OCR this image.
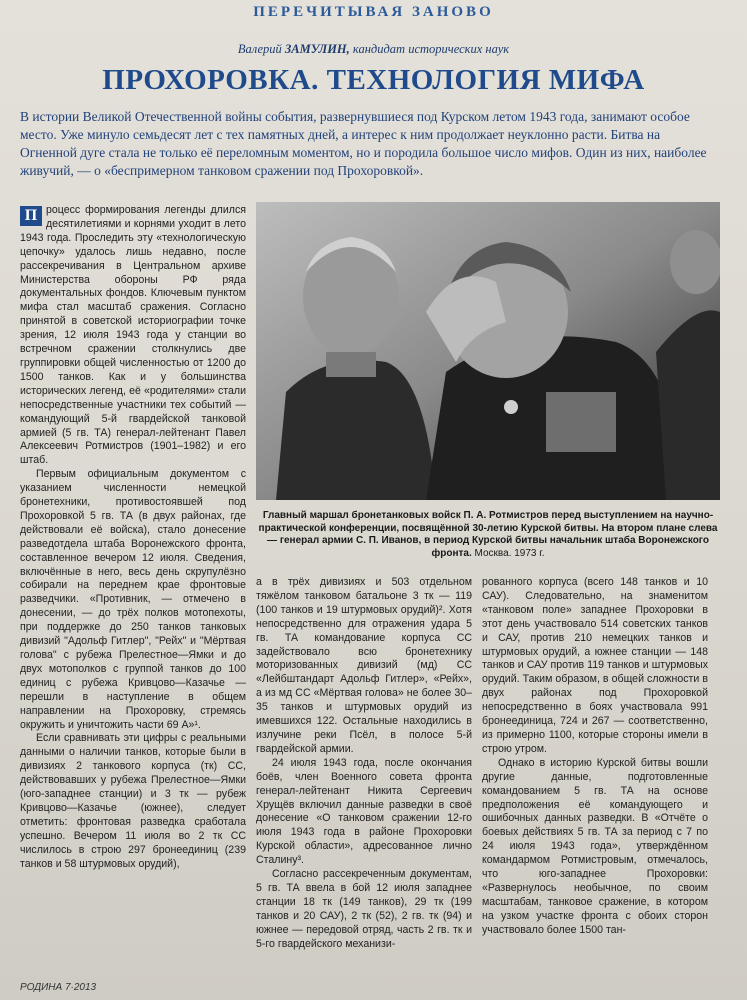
ПЕРЕЧИТЫВАЯ ЗАНОВО
Валерий ЗАМУЛИН, кандидат исторических наук
ПРОХОРОВКА. ТЕХНОЛОГИЯ МИФА
В истории Великой Отечественной войны события, развернувшиеся под Курском летом 1943 года, занимают особое место. Уже минуло семьдесят лет с тех памятных дней, а интерес к ним продолжает неуклонно расти. Битва на Огненной дуге стала не только её переломным моментом, но и породила большое число мифов. Один из них, наиболее живучий, — о «беспримерном танковом сражении под Прохоровкой».

П роцесс формирования легенды длился десятилетиями и корнями уходит в лето 1943 года. Проследить эту «технологическую цепочку» удалось лишь недавно, после рассекречивания в Центральном архиве Министерства обороны РФ ряда документальных фондов. Ключевым пунктом мифа стал масштаб сражения. Согласно принятой в советской историографии точке зрения, 12 июля 1943 года у станции во встречном сражении столкнулись две группировки общей численностью от 1200 до 1500 танков. Как и у большинства исторических легенд, её «родителями» стали непосредственные участники тех событий — командующий 5-й гвардейской танковой армией (5 гв. ТА) генерал-лейтенант Павел Алексеевич Ротмистров (1901–1982) и его штаб.

Первым официальным документом с указанием численности немецкой бронетехники, противостоявшей под Прохоровкой 5 гв. ТА (в двух районах, где действовали её войска), стало донесение разведотдела штаба Воронежского фронта, составленное вечером 12 июля. Сведения, включённые в него, весь день скрупулёзно собирали на переднем крае фронтовые разведчики. «Противник, — отмечено в донесении, — до трёх полков мотопехоты, при поддержке до 250 танков танковых дивизий "Адольф Гитлер", "Рейх" и "Мёртвая голова" с рубежа Прелестное—Ямки и до двух мотополков с группой танков до 100 единиц с рубежа Кривцово—Казачье — перешли в наступление в общем направлении на Прохоровку, стремясь окружить и уничтожить части 69 А»¹.

Если сравнивать эти цифры с реальными данными о наличии танков, которые были в дивизиях 2 танкового корпуса (тк) СС, действовавших у рубежа Прелестное—Ямки (юго-западнее станции) и 3 тк — рубеж Кривцово—Казачье (южнее), следует отметить: фронтовая разведка сработала успешно. Вечером 11 июля во 2 тк СС числилось в строю 297 бронеединиц (239 танков и 58 штурмовых орудий),

Главный маршал бронетанковых войск П. А. Ротмистров перед выступлением на научно-практической конференции, посвящённой 30-летию Курской битвы. На втором плане слева — генерал армии С. П. Иванов, в период Курской битвы начальник штаба Воронежского фронта. Москва. 1973 г.

а в трёх дивизиях и 503 отдельном тяжёлом танковом батальоне 3 тк — 119 (100 танков и 19 штурмовых орудий)². Хотя непосредственно для отражения удара 5 гв. ТА командование корпуса СС задействовало всю бронетехнику моторизованных дивизий (мд) СС «Лейбштандарт Адольф Гитлер», «Рейх», а из мд СС «Мёртвая голова» не более 30–35 танков и штурмовых орудий из имевшихся 122. Остальные находились в излучине реки Псёл, в полосе 5-й гвардейской армии.

24 июля 1943 года, после окончания боёв, член Военного совета фронта генерал-лейтенант Никита Сергеевич Хрущёв включил данные разведки в своё донесение «О танковом сражении 12-го июля 1943 года в районе Прохоровки Курской области», адресованное лично Сталину³.

Согласно рассекреченным документам, 5 гв. ТА ввела в бой 12 июля западнее станции 18 тк (149 танков), 29 тк (199 танков и 20 САУ), 2 тк (52), 2 гв. тк (94) и южнее — передовой отряд, часть 2 гв. тк и 5-го гвардейского механизи-

рованного корпуса (всего 148 танков и 10 САУ). Следовательно, на знаменитом «танковом поле» западнее Прохоровки в этот день участвовало 514 советских танков и САУ, против 210 немецких танков и штурмовых орудий, а южнее станции — 148 танков и САУ против 119 танков и штурмовых орудий. Таким образом, в общей сложности в двух районах под Прохоровкой непосредственно в боях участвовала 991 бронеединица, 724 и 267 — соответственно, из примерно 1100, которые стороны имели в строю утром.

Однако в историю Курской битвы вошли другие данные, подготовленные командованием 5 гв. ТА на основе предположения её командующего и ошибочных данных разведки. В «Отчёте о боевых действиях 5 гв. ТА за период с 7 по 24 июля 1943 года», утверждённом командармом Ротмистровым, отмечалось, что юго-западнее Прохоровки: «Развернулось необычное, по своим масштабам, танковое сражение, в котором на узком участке фронта с обоих сторон участвовало более 1500 тан-

РОДИНА 7·2013
